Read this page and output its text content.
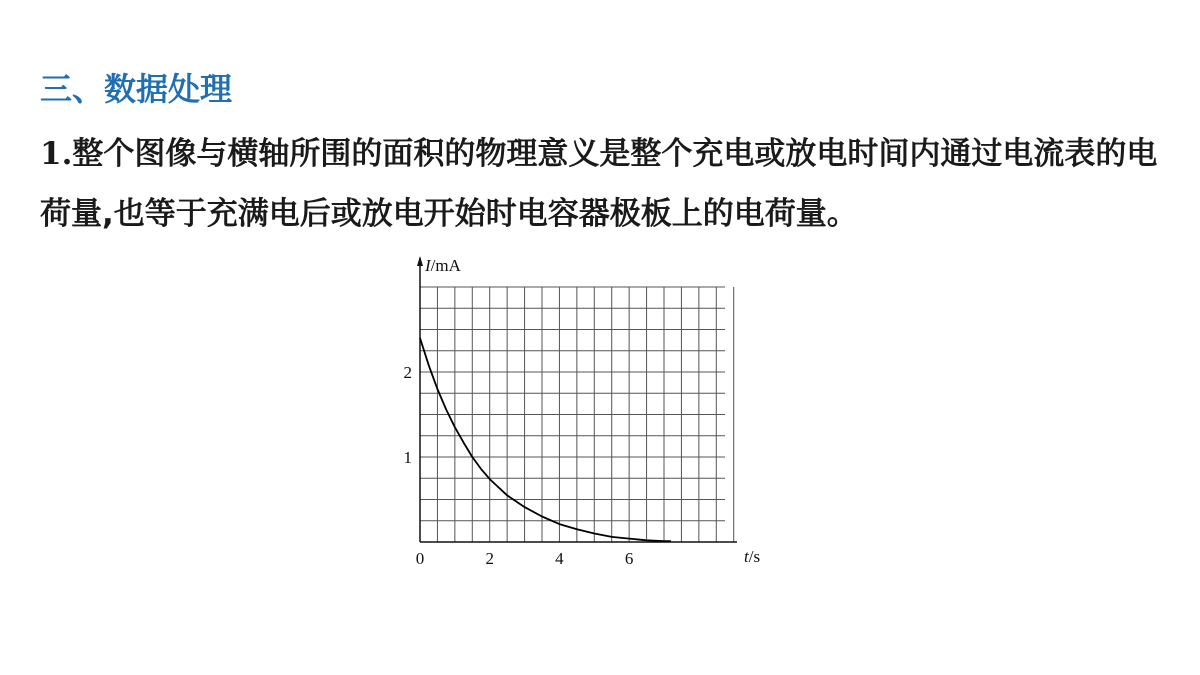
三、数据处理
1.整个图像与横轴所围的面积的物理意义是整个充电或放电时间内通过电流表的电荷量,也等于充满电后或放电开始时电容器极板上的电荷量。
0	2	4	6
1
2
I/mA
t/s
